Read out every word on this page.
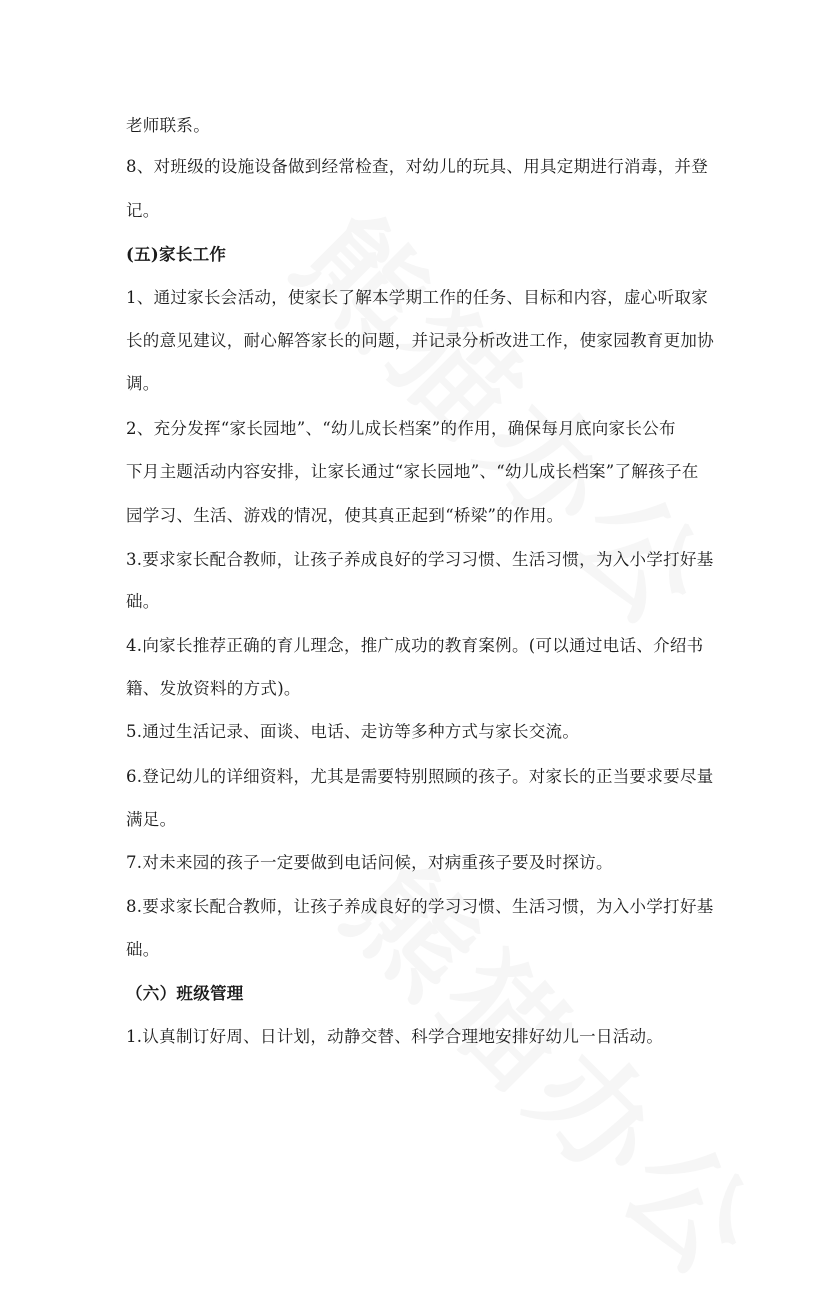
老师联系。
8、对班级的设施设备做到经常检查，对幼儿的玩具、用具定期进行消毒，并登
记。
(五)家长工作
1、通过家长会活动，使家长了解本学期工作的任务、目标和内容，虚心听取家
长的意见建议，耐心解答家长的问题，并记录分析改进工作，使家园教育更加协
调。
2、充分发挥“家长园地”、“幼儿成长档案”的作用，确保每月底向家长公布
下月主题活动内容安排，让家长通过“家长园地”、“幼儿成长档案”了解孩子在
园学习、生活、游戏的情况，使其真正起到“桥梁”的作用。
3.要求家长配合教师，让孩子养成良好的学习习惯、生活习惯，为入小学打好基
础。
4.向家长推荐正确的育儿理念，推广成功的教育案例。(可以通过电话、介绍书
籍、发放资料的方式)。
5.通过生活记录、面谈、电话、走访等多种方式与家长交流。
6.登记幼儿的详细资料，尤其是需要特别照顾的孩子。对家长的正当要求要尽量
满足。
7.对未来园的孩子一定要做到电话问候，对病重孩子要及时探访。
8.要求家长配合教师，让孩子养成良好的学习习惯、生活习惯，为入小学打好基
础。
（六）班级管理
1.认真制订好周、日计划，动静交替、科学合理地安排好幼儿一日活动。
